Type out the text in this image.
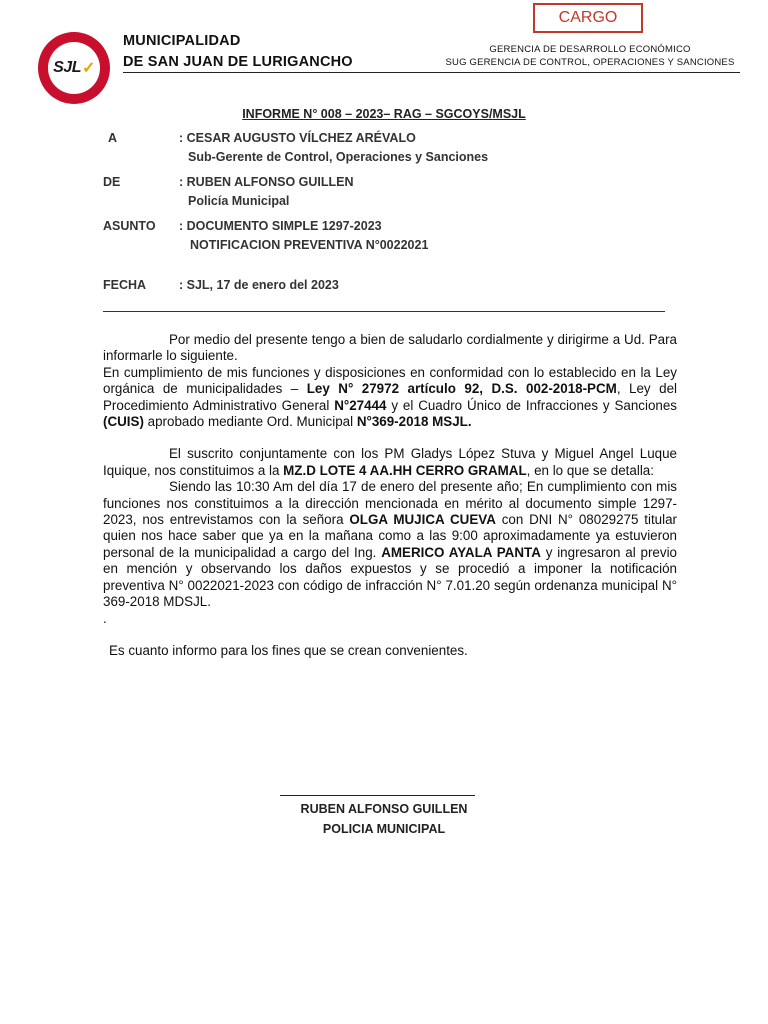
SJL ✓
MUNICIPALIDAD
DE SAN JUAN DE LURIGANCHO
CARGO
GERENCIA DE DESARROLLO ECONÓMICO
SUG GERENCIA DE CONTROL, OPERACIONES Y SANCIONES
INFORME N° 008 – 2023– RAG – SGCOYS/MSJL
A	: CESAR AUGUSTO VÍLCHEZ ARÉVALO
Sub-Gerente de Control, Operaciones y Sanciones
DE	: RUBEN ALFONSO GUILLEN
Policía Municipal
ASUNTO : DOCUMENTO SIMPLE 1297-2023
NOTIFICACION PREVENTIVA N°0022021
FECHA	: SJL, 17 de enero del 2023

Por medio del presente tengo a bien de saludarlo cordialmente y dirigirme a Ud. Para informarle lo siguiente.

En cumplimiento de mis funciones y disposiciones en conformidad con lo establecido en la Ley orgánica de municipalidades – Ley N° 27972 artículo 92, D.S. 002-2018-PCM, Ley del Procedimiento Administrativo General N°27444 y el Cuadro Único de Infracciones y Sanciones (CUIS) aprobado mediante Ord. Municipal N°369-2018 MSJL.

El suscrito conjuntamente con los PM Gladys López Stuva y Miguel Angel Luque Iquique, nos constituimos a la MZ.D LOTE 4 AA.HH CERRO GRAMAL, en lo que se detalla:

Siendo las 10:30 Am del día 17 de enero del presente año; En cumplimiento con mis funciones nos constituimos a la dirección mencionada en mérito al documento simple 1297-2023, nos entrevistamos con la señora OLGA MUJICA CUEVA con DNI N° 08029275 titular quien nos hace saber que ya en la mañana como a las 9:00 aproximadamente ya estuvieron personal de la municipalidad a cargo del Ing. AMERICO AYALA PANTA y ingresaron al previo en mención y observando los daños expuestos y se procedió a imponer la notificación preventiva N° 0022021-2023 con código de infracción N° 7.01.20 según ordenanza municipal N° 369-2018 MDSJL.

.

Es cuanto informo para los fines que se crean convenientes.

RUBEN ALFONSO GUILLEN
POLICIA MUNICIPAL
